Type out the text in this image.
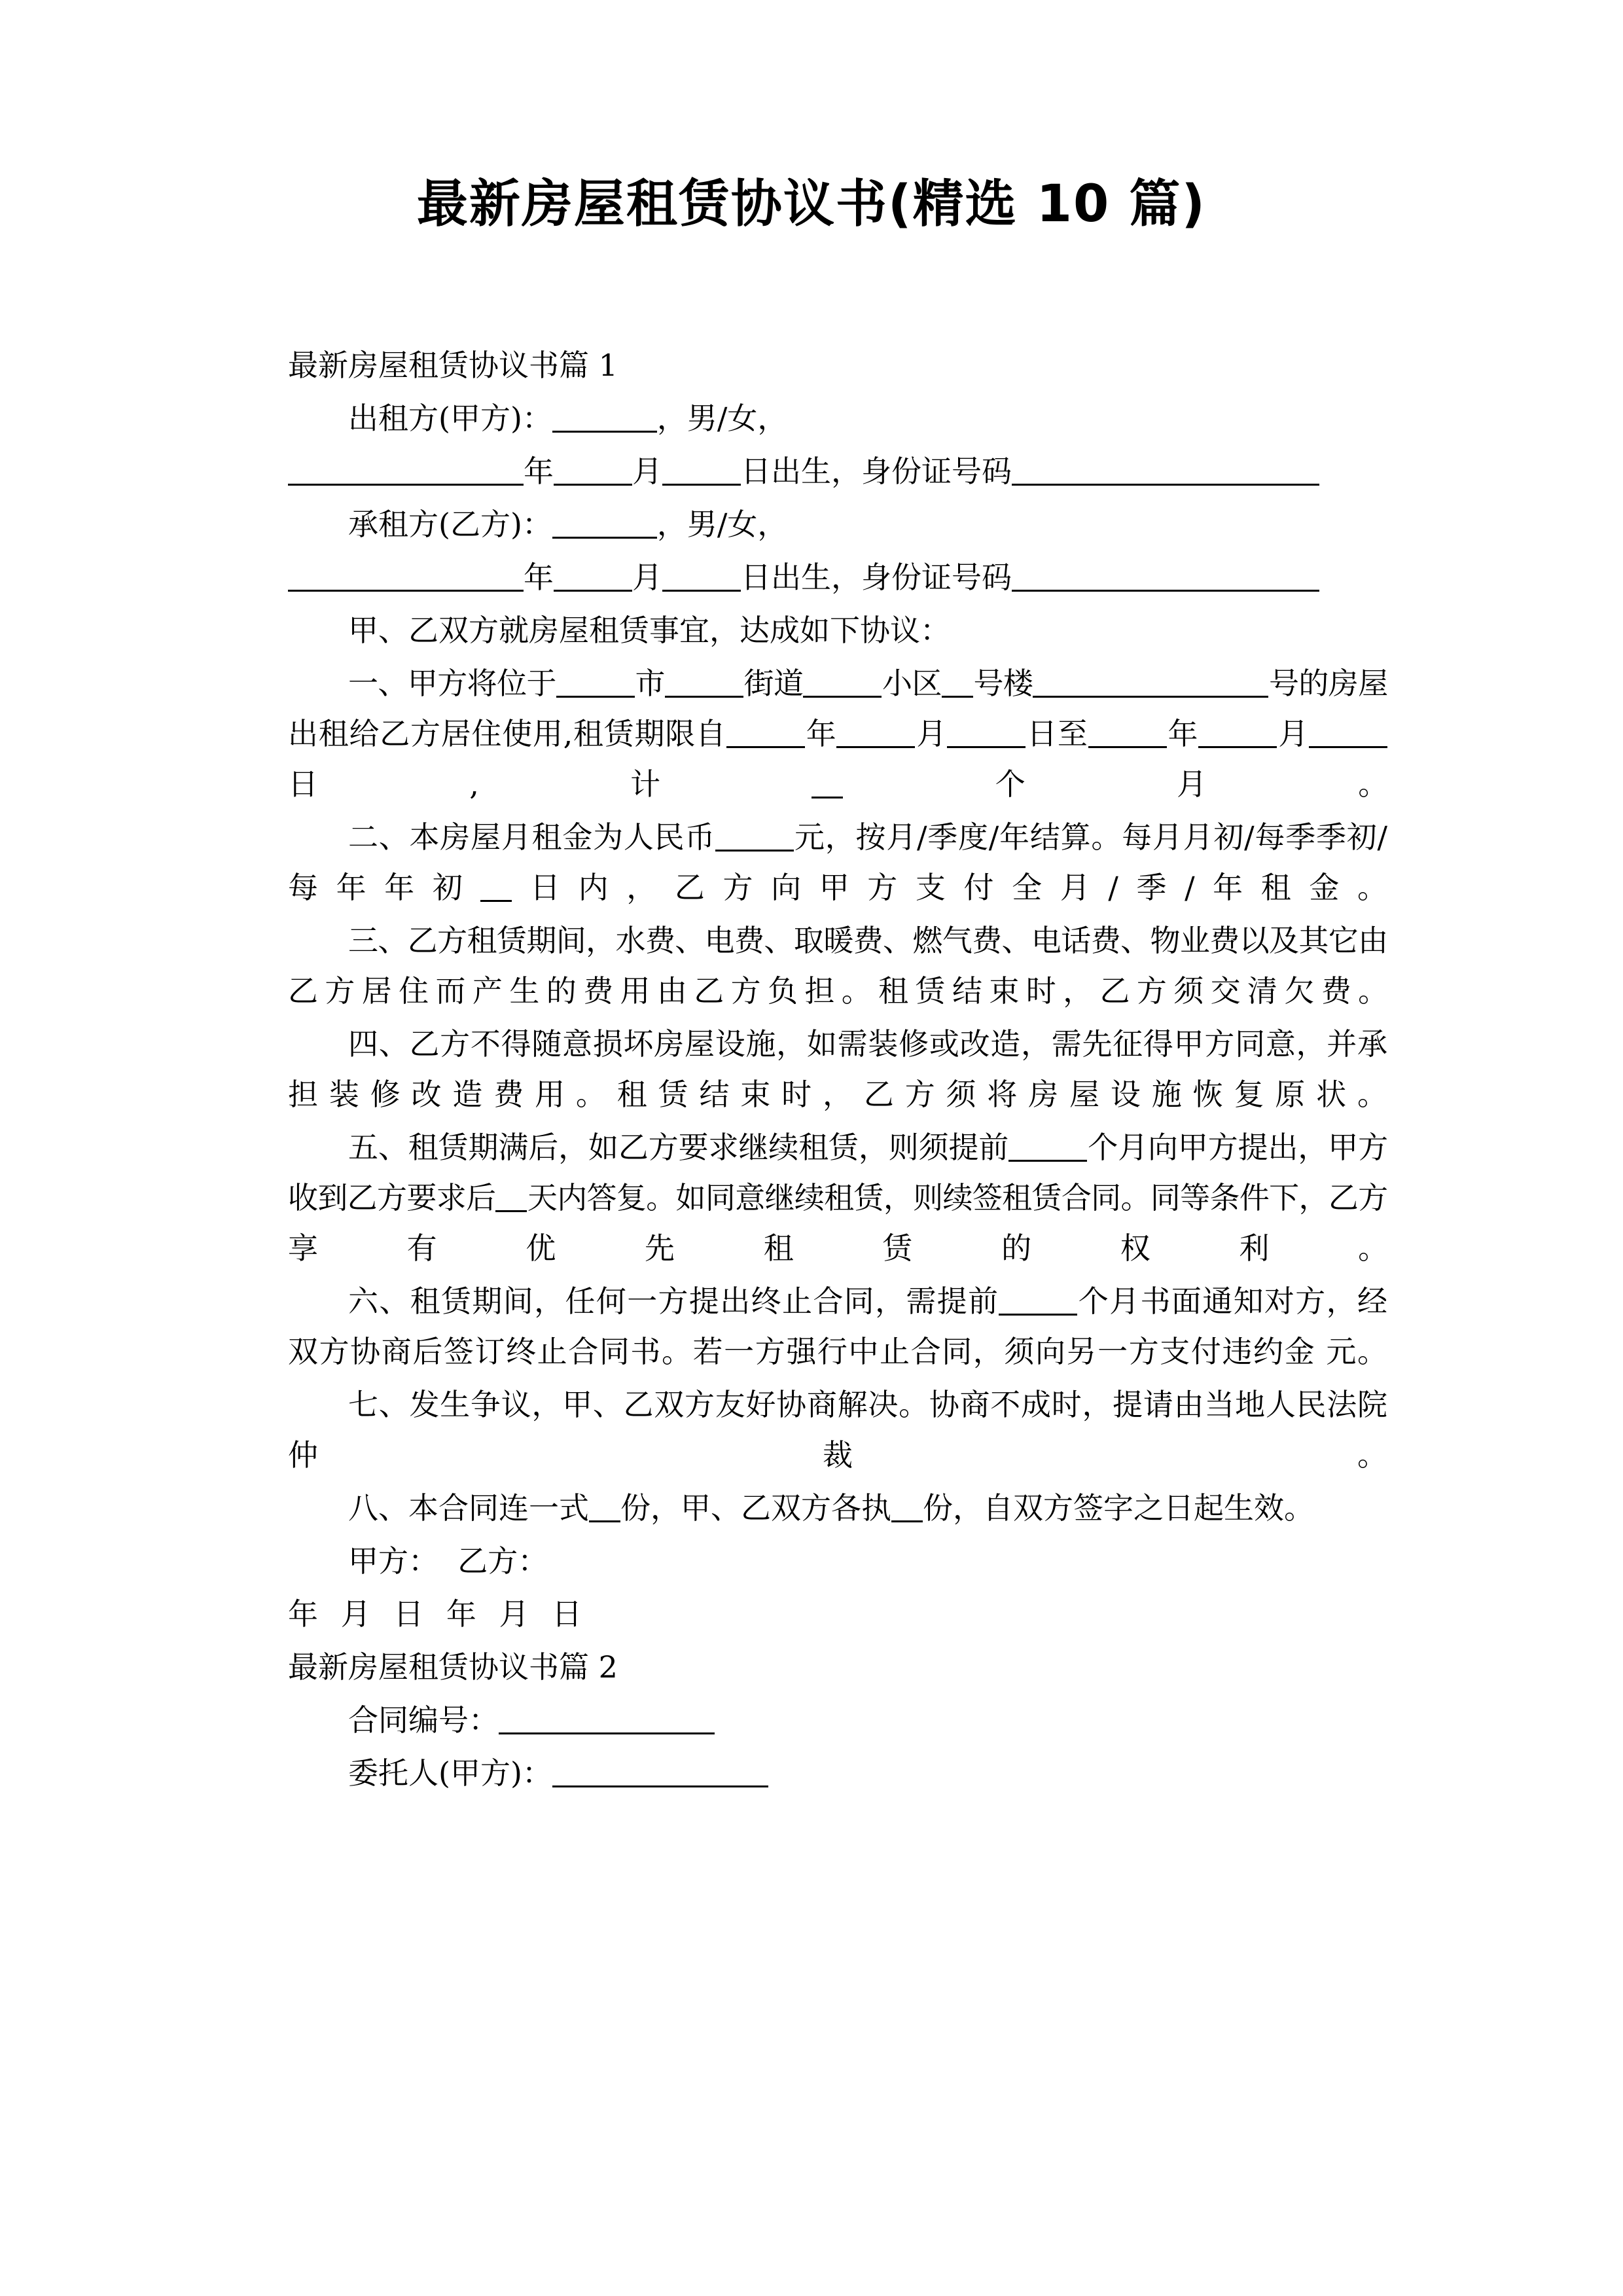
最新房屋租赁协议书(精选 10 篇)

最新房屋租赁协议书篇 1

出租方(甲方)：	，男/女，

年	月	日出生，身份证号码

承租方(乙方)：	，男/女，

年	月	日出生，身份证号码

甲、乙双方就房屋租赁事宜，达成如下协议：

一、甲方将位于	市	街道	小区 号楼	号的房屋出租给乙方居住使用,租赁期限自	年	月	日至	年	月日,计 个月。

二、本房屋月租金为人民币	元，按月/季度/年结算。每月月初/每季季初/每年年初 日内，乙方向甲方支付全月/季/年租金。

三、乙方租赁期间，水费、电费、取暖费、燃气费、电话费、物业费以及其它由乙方居住而产生的费用由乙方负担。租赁结束时，乙方须交清欠费。

四、乙方不得随意损坏房屋设施，如需装修或改造，需先征得甲方同意，并承担装修改造费用。租赁结束时，乙方须将房屋设施恢复原状。

五、租赁期满后，如乙方要求继续租赁，则须提前	个月向甲方提出，甲方收到乙方要求后 天内答复。如同意继续租赁，则续签租赁合同。同等条件下，乙方享有优先租赁的权利。

六、租赁期间，任何一方提出终止合同，需提前	个月书面通知对方，经双方协商后签订终止合同书。若一方强行中止合同，须向另一方支付违约金 元。

七、发生争议，甲、乙双方友好协商解决。协商不成时，提请由当地人民法院仲裁。

八、本合同连一式 份，甲、乙双方各执 份，自双方签字之日起生效。

甲方：  乙方：

年 月 日 年 月 日

最新房屋租赁协议书篇 2

合同编号：

委托人(甲方)：
